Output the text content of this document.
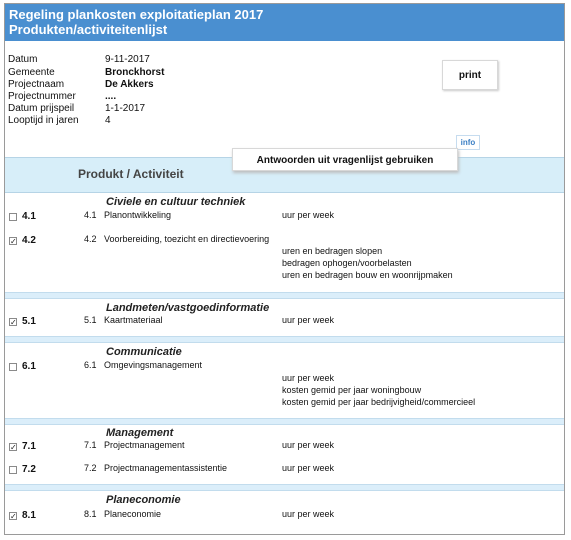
Regeling plankosten exploitatieplan 2017
Produkten/activiteitenlijst
Datum	9-11-2017
Gemeente	Bronckhorst
Projectnaam	De Akkers
Projectnummer	....
Datum prijspeil	1-1-2017
Looptijd in jaren	4
print
info
Produkt / Activiteit
Antwoorden uit vragenlijst gebruiken
Civiele en cultuur techniek
4.1	4.1 Planontwikkeling	uur per week
✓ 4.2	4.2 Voorbereiding, toezicht en directievoering
uren en bedragen slopen
bedragen ophogen/voorbelasten
uren en bedragen bouw en woonrijpmaken
Landmeten/vastgoedinformatie
✓ 5.1	5.1 Kaartmateriaal	uur per week
Communicatie
6.1	6.1 Omgevingsmanagement
uur per week
kosten gemid per jaar woningbouw
kosten gemid per jaar bedrijvigheid/commercieel
Management
✓ 7.1	7.1 Projectmanagement	uur per week
7.2	7.2 Projectmanagementassistentie	uur per week
Planeconomie
✓ 8.1	8.1 Planeconomie	uur per week
